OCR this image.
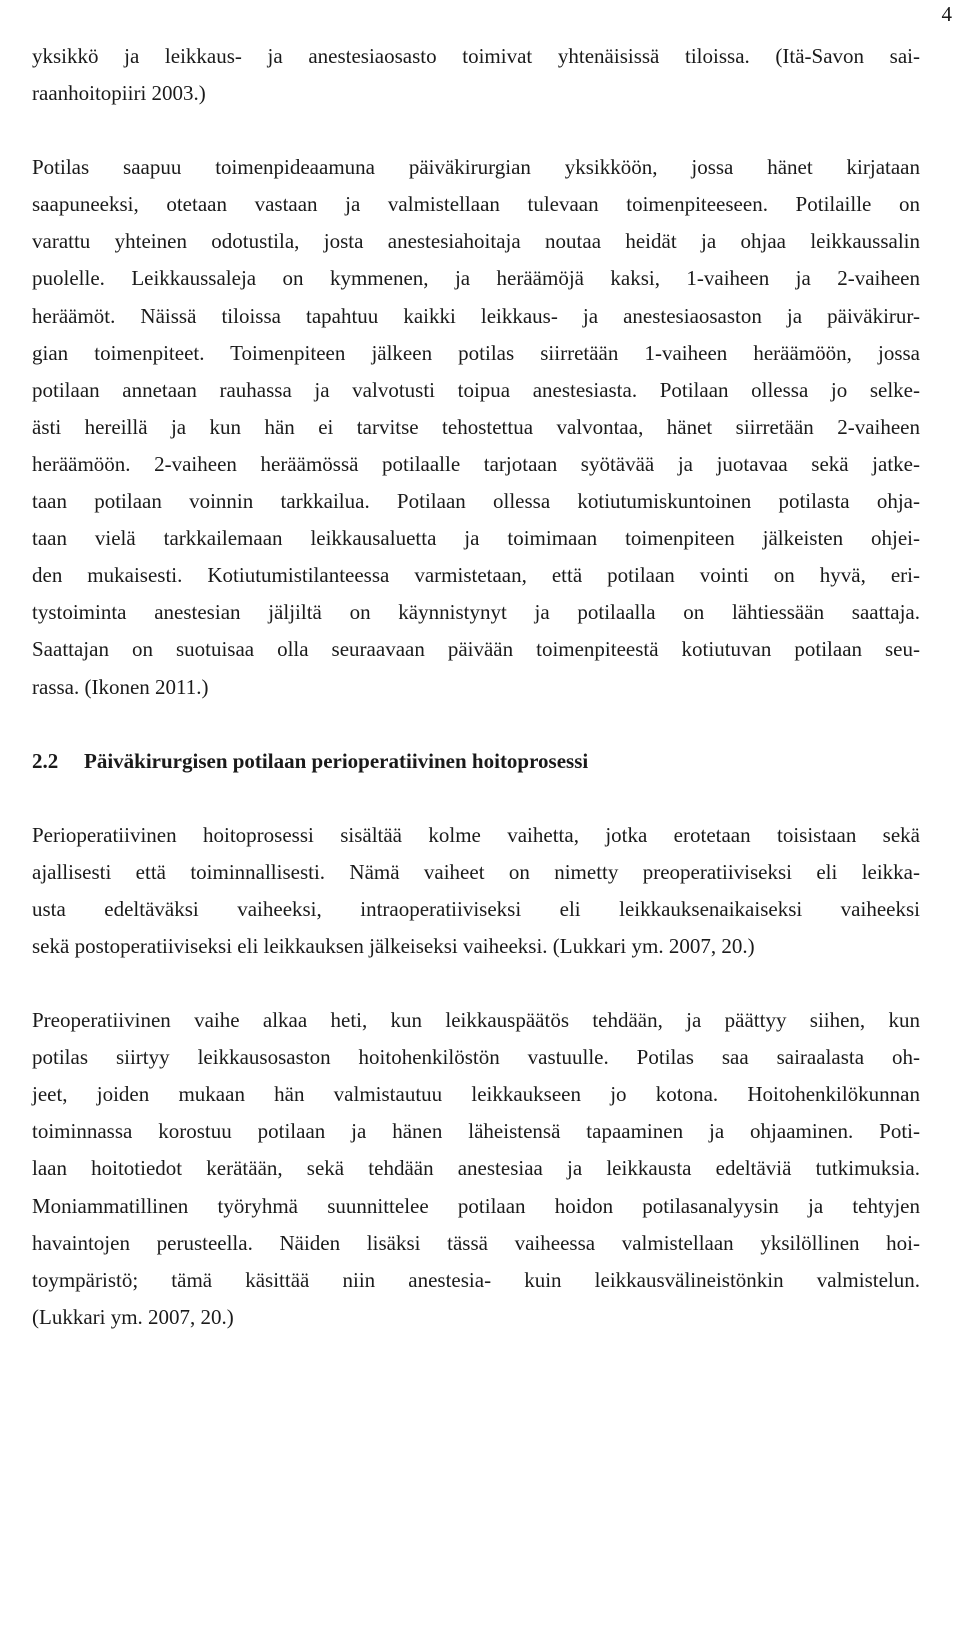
4
yksikkö ja leikkaus- ja anestesiaosasto toimivat yhtenäisissä tiloissa. (Itä-Savon sai-
raanhoitopiiri 2003.)
Potilas saapuu toimenpideaamuna päiväkirurgian yksikköön, jossa hänet kirjataan
saapuneeksi, otetaan vastaan ja valmistellaan tulevaan toimenpiteeseen. Potilaille on
varattu yhteinen odotustila, josta anestesiahoitaja noutaa heidät ja ohjaa leikkaussalin
puolelle. Leikkaussaleja on kymmenen, ja heräämöjä kaksi, 1-vaiheen ja 2-vaiheen
heräämöt. Näissä tiloissa tapahtuu kaikki leikkaus- ja anestesiaosaston ja päiväkirur-
gian toimenpiteet. Toimenpiteen jälkeen potilas siirretään 1-vaiheen heräämöön, jossa
potilaan annetaan rauhassa ja valvotusti toipua anestesiasta. Potilaan ollessa jo selke-
ästi hereillä ja kun hän ei tarvitse tehostettua valvontaa, hänet siirretään 2-vaiheen
heräämöön. 2-vaiheen heräämössä potilaalle tarjotaan syötävää ja juotavaa sekä jatke-
taan potilaan voinnin tarkkailua. Potilaan ollessa kotiutumiskuntoinen potilasta ohja-
taan vielä tarkkailemaan leikkausaluetta ja toimimaan toimenpiteen jälkeisten ohjei-
den mukaisesti. Kotiutumistilanteessa varmistetaan, että potilaan vointi on hyvä, eri-
tystoiminta anestesian jäljiltä on käynnistynyt ja potilaalla on lähtiessään saattaja.
Saattajan on suotuisaa olla seuraavaan päivään toimenpiteestä kotiutuvan potilaan seu-
rassa. (Ikonen 2011.)
2.2 Päiväkirurgisen potilaan perioperatiivinen hoitoprosessi
Perioperatiivinen hoitoprosessi sisältää kolme vaihetta, jotka erotetaan toisistaan sekä
ajallisesti että toiminnallisesti. Nämä vaiheet on nimetty preoperatiiviseksi eli leikka-
usta edeltäväksi vaiheeksi, intraoperatiiviseksi eli leikkauksenaikaiseksi vaiheeksi
sekä postoperatiiviseksi eli leikkauksen jälkeiseksi vaiheeksi. (Lukkari ym. 2007, 20.)
Preoperatiivinen vaihe alkaa heti, kun leikkauspäätös tehdään, ja päättyy siihen, kun
potilas siirtyy leikkausosaston hoitohenkilöstön vastuulle. Potilas saa sairaalasta oh-
jeet, joiden mukaan hän valmistautuu leikkaukseen jo kotona. Hoitohenkilökunnan
toiminnassa korostuu potilaan ja hänen läheistensä tapaaminen ja ohjaaminen. Poti-
laan hoitotiedot kerätään, sekä tehdään anestesiaa ja leikkausta edeltäviä tutkimuksia.
Moniammatillinen työryhmä suunnittelee potilaan hoidon potilasanalyysin ja tehtyjen
havaintojen perusteella. Näiden lisäksi tässä vaiheessa valmistellaan yksilöllinen hoi-
toympäristö; tämä käsittää niin anestesia- kuin leikkausvälineistönkin valmistelun.
(Lukkari ym. 2007, 20.)
